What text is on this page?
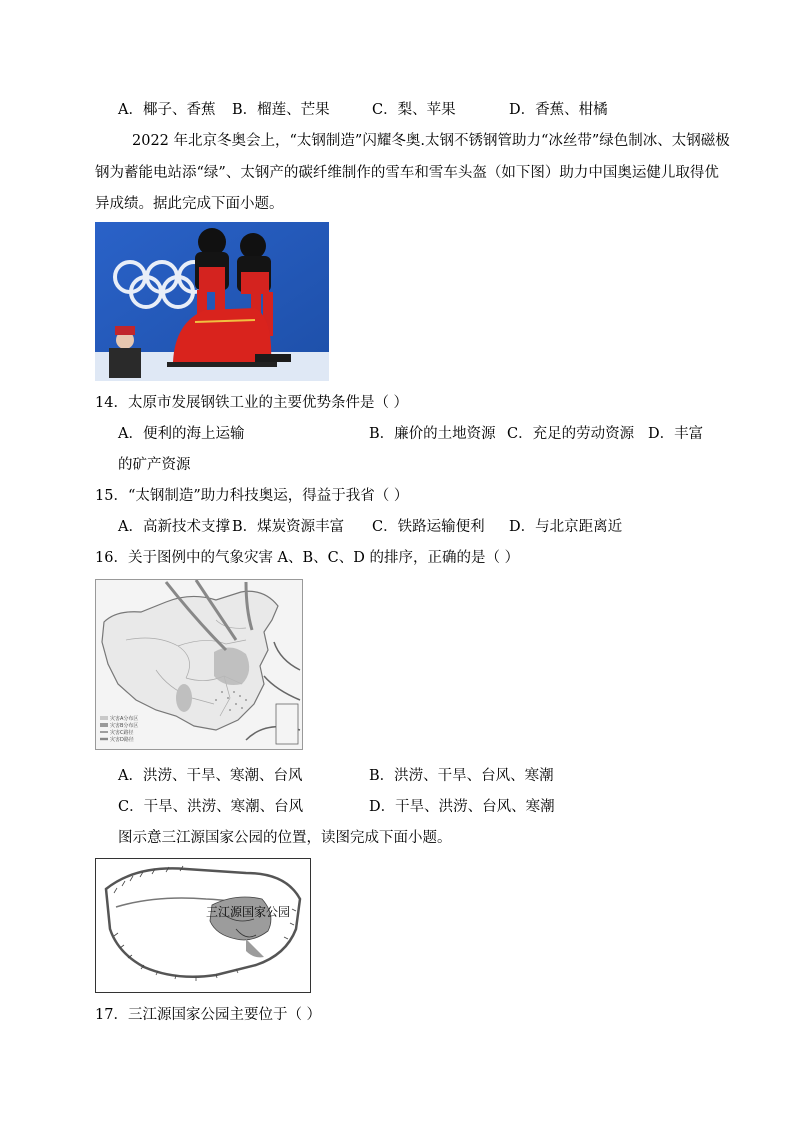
A．椰子、香蕉 B．榴莲、芒果	C．梨、苹果	D．香蕉、柑橘
2022 年北京冬奥会上，“太钢制造”闪耀冬奥.太钢不锈钢管助力“冰丝带”绿色制冰、太钢磁极
钢为蓄能电站添“绿”、太钢产的碳纤维制作的雪车和雪车头盔（如下图）助力中国奥运健儿取得优
异成绩。据此完成下面小题。
14．太原市发展钢铁工业的主要优势条件是（ ）
A．便利的海上运输	B．廉价的土地资源 C．充足的劳动资源 D．丰富
的矿产资源
15．“太钢制造”助力科技奥运，得益于我省（ ）
A．高新技术支撑 B．煤炭资源丰富 C．铁路运输便利 D．与北京距离近
16．关于图例中的气象灾害 A、B、C、D 的排序，正确的是（ ）
灾害A分布区
灾害B分布区
灾害C路径
灾害D路径
A．洪涝、干旱、寒潮、台风	B．洪涝、干旱、台风、寒潮
C．干旱、洪涝、寒潮、台风	D．干旱、洪涝、台风、寒潮
图示意三江源国家公园的位置，读图完成下面小题。
三江源国家公园
17．三江源国家公园主要位于（ ）
